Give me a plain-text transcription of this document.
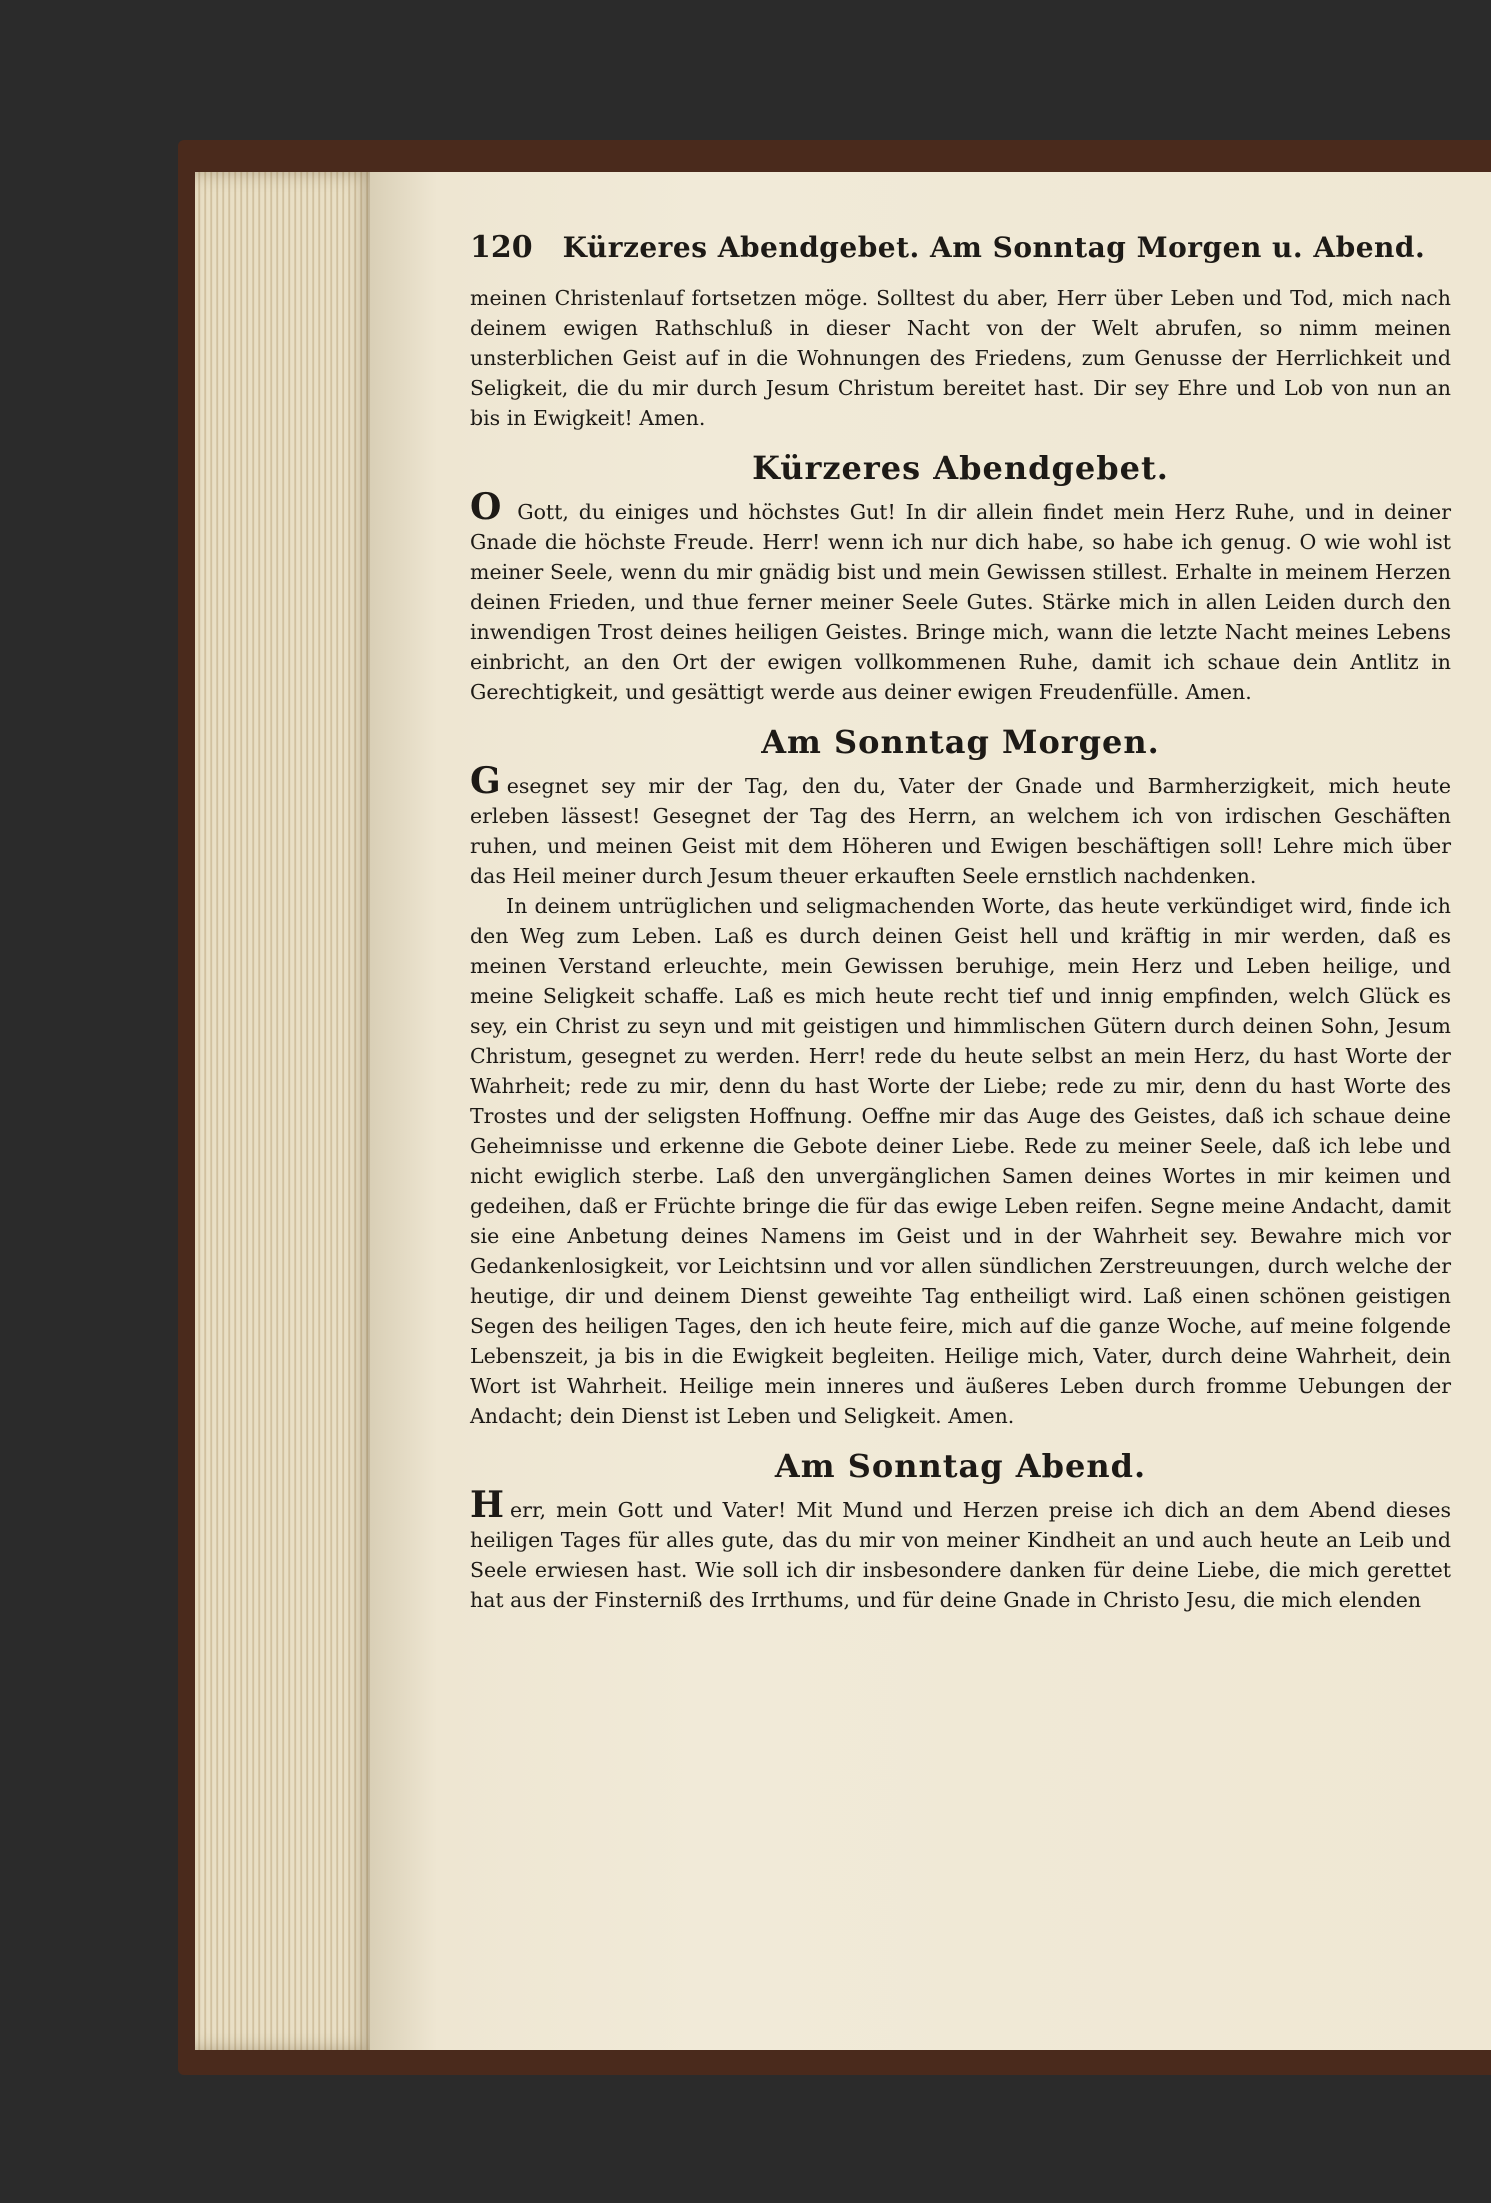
120 Kürzeres Abendgebet. Am Sonntag Morgen u. Abend.

meinen Christenlauf fortsetzen möge. Solltest du aber, Herr über Leben und Tod, mich nach deinem ewigen Rathschluß in dieser Nacht von der Welt abrufen, so nimm meinen unsterblichen Geist auf in die Wohnungen des Friedens, zum Genusse der Herrlichkeit und Seligkeit, die du mir durch Jesum Christum bereitet hast. Dir sey Ehre und Lob von nun an bis in Ewigkeit! Amen.

Kürzeres Abendgebet.

O Gott, du einiges und höchstes Gut! In dir allein findet mein Herz Ruhe, und in deiner Gnade die höchste Freude. Herr! wenn ich nur dich habe, so habe ich genug. O wie wohl ist meiner Seele, wenn du mir gnädig bist und mein Gewissen stillest. Erhalte in meinem Herzen deinen Frieden, und thue ferner meiner Seele Gutes. Stärke mich in allen Leiden durch den inwendigen Trost deines heiligen Geistes. Bringe mich, wann die letzte Nacht meines Lebens einbricht, an den Ort der ewigen vollkommenen Ruhe, damit ich schaue dein Antlitz in Gerechtigkeit, und gesättigt werde aus deiner ewigen Freudenfülle. Amen.

Am Sonntag Morgen.

Gesegnet sey mir der Tag, den du, Vater der Gnade und Barmherzigkeit, mich heute erleben lässest! Gesegnet der Tag des Herrn, an welchem ich von irdischen Geschäften ruhen, und meinen Geist mit dem Höheren und Ewigen beschäftigen soll! Lehre mich über das Heil meiner durch Jesum theuer erkauften Seele ernstlich nachdenken.

In deinem untrüglichen und seligmachenden Worte, das heute verkündiget wird, finde ich den Weg zum Leben. Laß es durch deinen Geist hell und kräftig in mir werden, daß es meinen Verstand erleuchte, mein Gewissen beruhige, mein Herz und Leben heilige, und meine Seligkeit schaffe. Laß es mich heute recht tief und innig empfinden, welch Glück es sey, ein Christ zu seyn und mit geistigen und himmlischen Gütern durch deinen Sohn, Jesum Christum, gesegnet zu werden. Herr! rede du heute selbst an mein Herz, du hast Worte der Wahrheit; rede zu mir, denn du hast Worte der Liebe; rede zu mir, denn du hast Worte des Trostes und der seligsten Hoffnung. Oeffne mir das Auge des Geistes, daß ich schaue deine Geheimnisse und erkenne die Gebote deiner Liebe. Rede zu meiner Seele, daß ich lebe und nicht ewiglich sterbe. Laß den unvergänglichen Samen deines Wortes in mir keimen und gedeihen, daß er Früchte bringe die für das ewige Leben reifen. Segne meine Andacht, damit sie eine Anbetung deines Namens im Geist und in der Wahrheit sey. Bewahre mich vor Gedankenlosigkeit, vor Leichtsinn und vor allen sündlichen Zerstreuungen, durch welche der heutige, dir und deinem Dienst geweihte Tag entheiligt wird. Laß einen schönen geistigen Segen des heiligen Tages, den ich heute feire, mich auf die ganze Woche, auf meine folgende Lebenszeit, ja bis in die Ewigkeit begleiten. Heilige mich, Vater, durch deine Wahrheit, dein Wort ist Wahrheit. Heilige mein inneres und äußeres Leben durch fromme Uebungen der Andacht; dein Dienst ist Leben und Seligkeit. Amen.

Am Sonntag Abend.

Herr, mein Gott und Vater! Mit Mund und Herzen preise ich dich an dem Abend dieses heiligen Tages für alles gute, das du mir von meiner Kindheit an und auch heute an Leib und Seele erwiesen hast. Wie soll ich dir insbesondere danken für deine Liebe, die mich gerettet hat aus der Finsterniß des Irrthums, und für deine Gnade in Christo Jesu, die mich elenden
